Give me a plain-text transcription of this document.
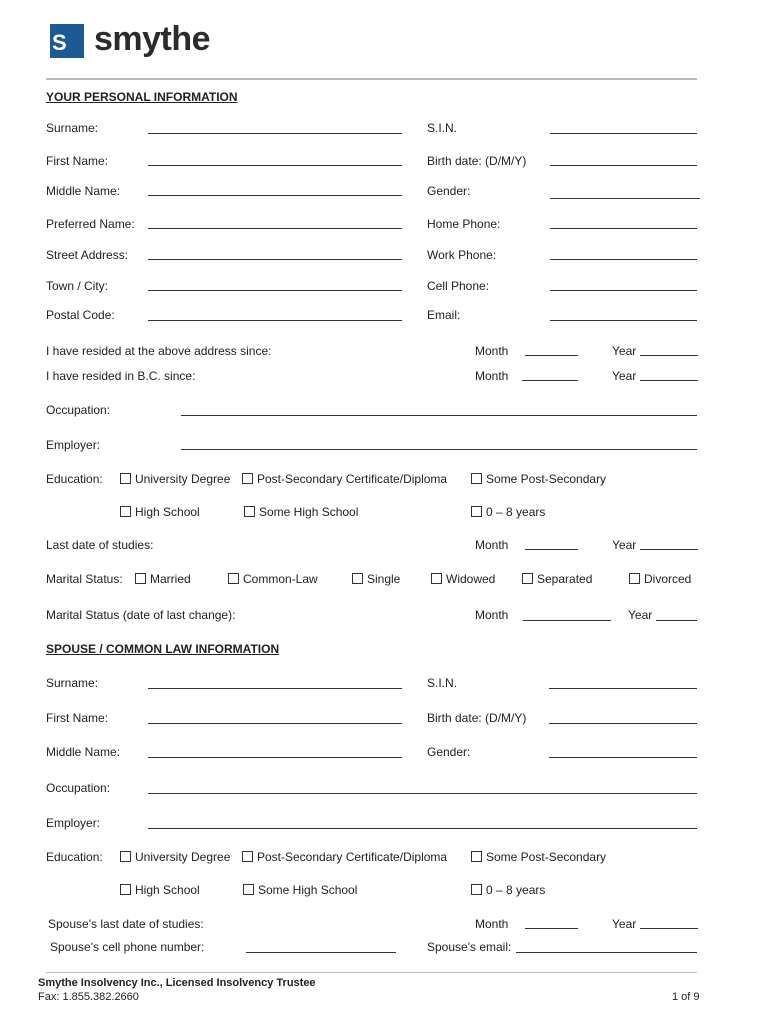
S smythe
YOUR PERSONAL INFORMATION
Surname:	S.I.N.
First Name:	Birth date: (D/M/Y)
Middle Name:	Gender:
Preferred Name:	Home Phone:
Street Address:	Work Phone:
Town / City:	Cell Phone:
Postal Code:	Email:
I have resided at the above address since:	Month	Year
I have resided in B.C. since:	Month	Year
Occupation:
Employer:
Education:	University Degree	Post-Secondary Certificate/Diploma	Some Post-Secondary
High School	Some High School	0 – 8 years
Last date of studies:	Month	Year
Marital Status:	Married	Common-Law	Single	Widowed	Separated	Divorced
Marital Status (date of last change):	Month	Year
SPOUSE / COMMON LAW INFORMATION
Surname:	S.I.N.
First Name:	Birth date: (D/M/Y)
Middle Name:	Gender:
Occupation:
Employer:
Education:	University Degree	Post-Secondary Certificate/Diploma	Some Post-Secondary
High School	Some High School	0 – 8 years
Spouse's last date of studies:	Month	Year
Spouse's cell phone number:	Spouse's email:
Smythe Insolvency Inc., Licensed Insolvency Trustee
Fax: 1.855.382.2660	1 of 9
